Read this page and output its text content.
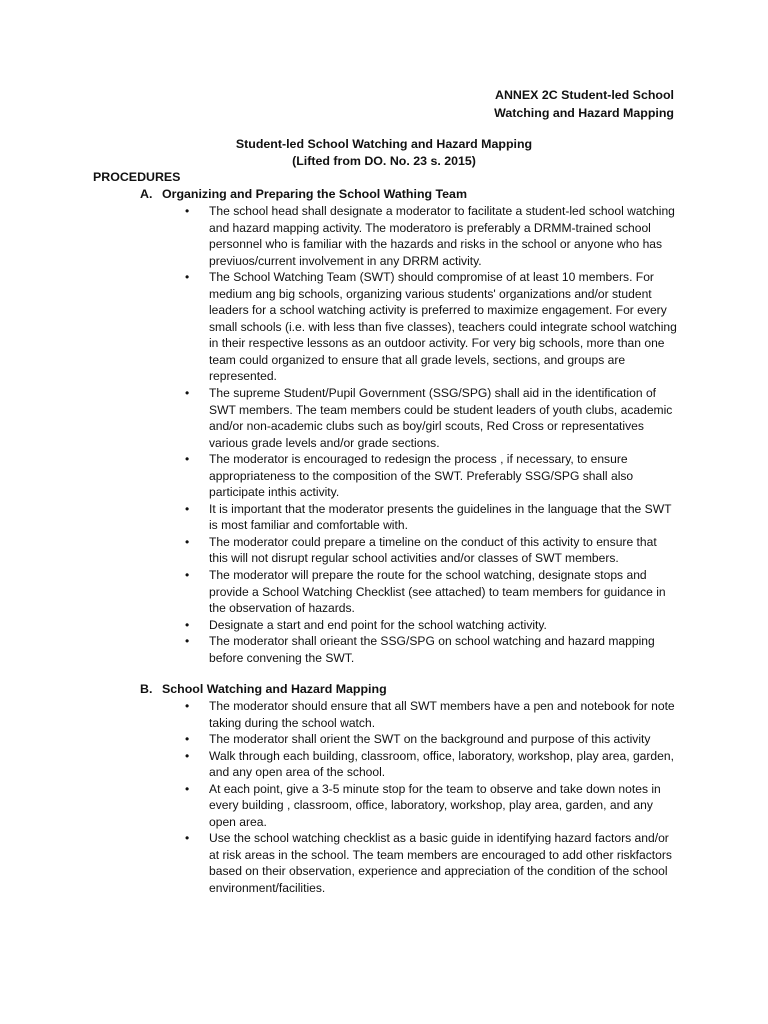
ANNEX 2C Student-led School
Watching and Hazard Mapping
Student-led School Watching and Hazard Mapping
(Lifted from DO. No. 23 s. 2015)
PROCEDURES
A. Organizing and Preparing the School Wathing Team
•	The school head shall designate a moderator to facilitate a student-led school watching and hazard mapping activity. The moderatoro is preferably a DRMM-trained school personnel who is familiar with the hazards and risks in the school or anyone who has previuos/current involvement in any DRRM activity.
•	The School Watching Team (SWT) should compromise of at least 10 members. For medium ang big schools, organizing various students' organizations and/or student leaders for a school watching activity is preferred to maximize engagement. For every small schools (i.e. with less than five classes), teachers could integrate school watching in their respective lessons as an outdoor activity. For very big schools, more than one team could organized to ensure that all grade levels, sections, and groups are represented.
•	The supreme Student/Pupil Government (SSG/SPG) shall aid in the identification of SWT members. The team members could be student leaders of youth clubs, academic and/or non-academic clubs such as boy/girl scouts, Red Cross or representatives various grade levels and/or grade sections.
•	The moderator is encouraged to redesign the process , if necessary, to ensure appropriateness to the composition of the SWT. Preferably SSG/SPG shall also participate inthis activity.
•	It is important that the moderator presents the guidelines in the language that the SWT is most familiar and comfortable with.
•	The moderator could prepare a timeline on the conduct of this activity to ensure that this will not disrupt regular school activities and/or classes of SWT members.
•	The moderator will prepare the route for the school watching, designate stops and provide a School Watching Checklist (see attached) to team members for guidance in the observation of hazards.
•	Designate a start and end point for the school watching activity.
•	The moderator shall orieant the SSG/SPG on school watching and hazard mapping before convening the SWT.
B. School Watching and Hazard Mapping
•	The moderator should ensure that all SWT members have a pen and notebook for note taking during the school watch.
•	The moderator shall orient the SWT on the background and purpose of this activity
•	Walk through each building, classroom, office, laboratory, workshop, play area, garden, and any open area of the school.
•	At each point, give a 3-5 minute stop for the team to observe and take down notes in every building , classroom, office, laboratory, workshop, play area, garden, and any open area.
•	Use the school watching checklist as a basic guide in identifying hazard factors and/or at risk areas in the school. The team members are encouraged to add other riskfactors based on their observation, experience and appreciation of the condition of the school environment/facilities.
